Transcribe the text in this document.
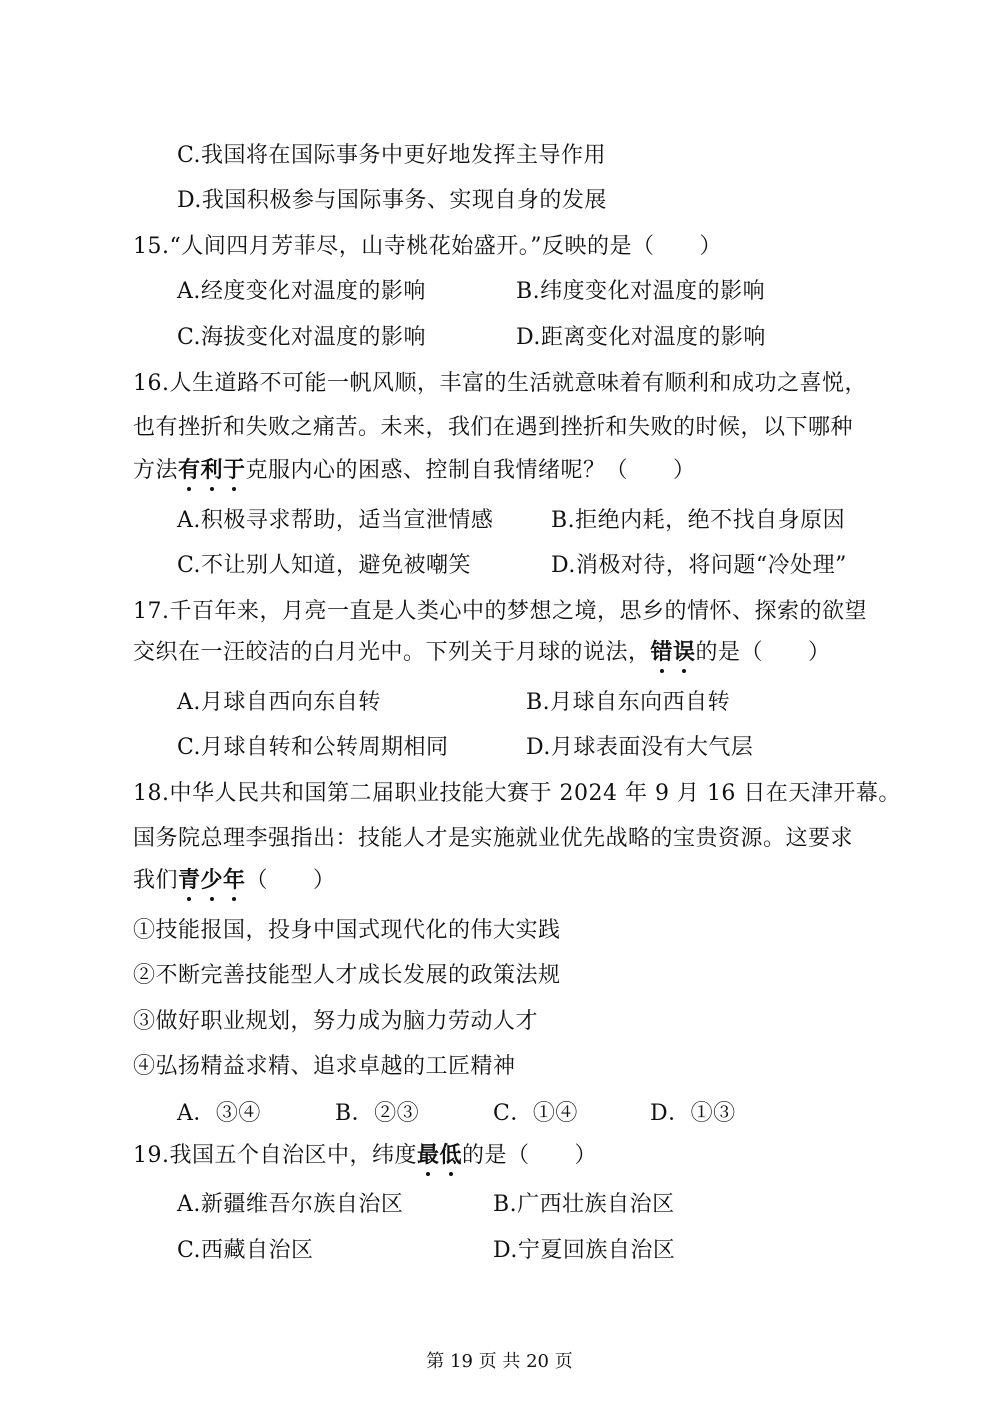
C.我国将在国际事务中更好地发挥主导作用
D.我国积极参与国际事务、实现自身的发展
15.“人间四月芳菲尽，山寺桃花始盛开。”反映的是（　　）
A.经度变化对温度的影响	B.纬度变化对温度的影响
C.海拔变化对温度的影响	D.距离变化对温度的影响
16.人生道路不可能一帆风顺，丰富的生活就意味着有顺利和成功之喜悦，
也有挫折和失败之痛苦。未来，我们在遇到挫折和失败的时候，以下哪种
方法有利于
克服内心的困惑、控制自我情绪呢？（　　）
A.积极寻求帮助，适当宣泄情感	B.拒绝内耗，绝不找自身原因
C.不让别人知道，避免被嘲笑	D.消极对待，将问题“冷处理”
17.千百年来，月亮一直是人类心中的梦想之境，思乡的情怀、探索的欲望
交织在一汪皎洁的白月光中。下列关于月球的说法，错误
的是（　　）
A.月球自西向东自转	B.月球自东向西自转
C.月球自转和公转周期相同	D.月球表面没有大气层
18.中华人民共和国第二届职业技能大赛于 2024 年 9 月 16 日在天津开幕。
国务院总理李强指出：技能人才是实施就业优先战略的宝贵资源。这要求
我们青少年
（　　）
①技能报国，投身中国式现代化的伟大实践
②不断完善技能型人才成长发展的政策法规
③做好职业规划，努力成为脑力劳动人才
④弘扬精益求精、追求卓越的工匠精神
A．③④	B．②③	C．①④	D．①③
19.我国五个自治区中，纬度最低
的是（　　）
A.新疆维吾尔族自治区	B.广西壮族自治区
C.西藏自治区	D.宁夏回族自治区
第 19 页 共 20 页
